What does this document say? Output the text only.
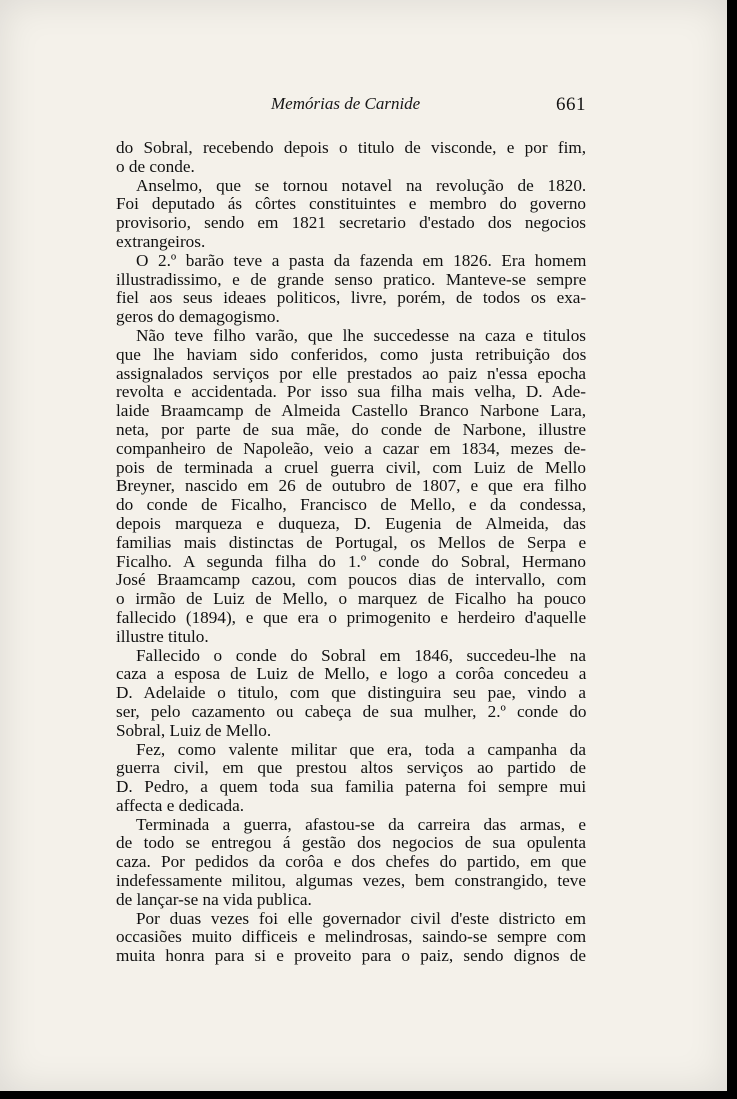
Memórias de Carnide	661

do Sobral, recebendo depois o titulo de visconde, e por fim,
o de conde.

Anselmo, que se tornou notavel na revolução de 1820.
Foi deputado ás côrtes constituintes e membro do governo
provisorio, sendo em 1821 secretario d'estado dos negocios
extrangeiros.

O 2.º barão teve a pasta da fazenda em 1826. Era homem
illustradissimo, e de grande senso pratico. Manteve-se sempre
fiel aos seus ideaes politicos, livre, porém, de todos os exa-
geros do demagogismo.

Não teve filho varão, que lhe succedesse na caza e titulos
que lhe haviam sido conferidos, como justa retribuição dos
assignalados serviços por elle prestados ao paiz n'essa epocha
revolta e accidentada. Por isso sua filha mais velha, D. Ade-
laide Braamcamp de Almeida Castello Branco Narbone Lara,
neta, por parte de sua mãe, do conde de Narbone, illustre
companheiro de Napoleão, veio a cazar em 1834, mezes de-
pois de terminada a cruel guerra civil, com Luiz de Mello
Breyner, nascido em 26 de outubro de 1807, e que era filho
do conde de Ficalho, Francisco de Mello, e da condessa,
depois marqueza e duqueza, D. Eugenia de Almeida, das
familias mais distinctas de Portugal, os Mellos de Serpa e
Ficalho. A segunda filha do 1.º conde do Sobral, Hermano
José Braamcamp cazou, com poucos dias de intervallo, com
o irmão de Luiz de Mello, o marquez de Ficalho ha pouco
fallecido (1894), e que era o primogenito e herdeiro d'aquelle
illustre titulo.

Fallecido o conde do Sobral em 1846, succedeu-lhe na
caza a esposa de Luiz de Mello, e logo a corôa concedeu a
D. Adelaide o titulo, com que distinguira seu pae, vindo a
ser, pelo cazamento ou cabeça de sua mulher, 2.º conde do
Sobral, Luiz de Mello.

Fez, como valente militar que era, toda a campanha da
guerra civil, em que prestou altos serviços ao partido de
D. Pedro, a quem toda sua familia paterna foi sempre mui
affecta e dedicada.

Terminada a guerra, afastou-se da carreira das armas, e
de todo se entregou á gestão dos negocios de sua opulenta
caza. Por pedidos da corôa e dos chefes do partido, em que
indefessamente militou, algumas vezes, bem constrangido, teve
de lançar-se na vida publica.

Por duas vezes foi elle governador civil d'este districto em
occasiões muito difficeis e melindrosas, saindo-se sempre com
muita honra para si e proveito para o paiz, sendo dignos de
